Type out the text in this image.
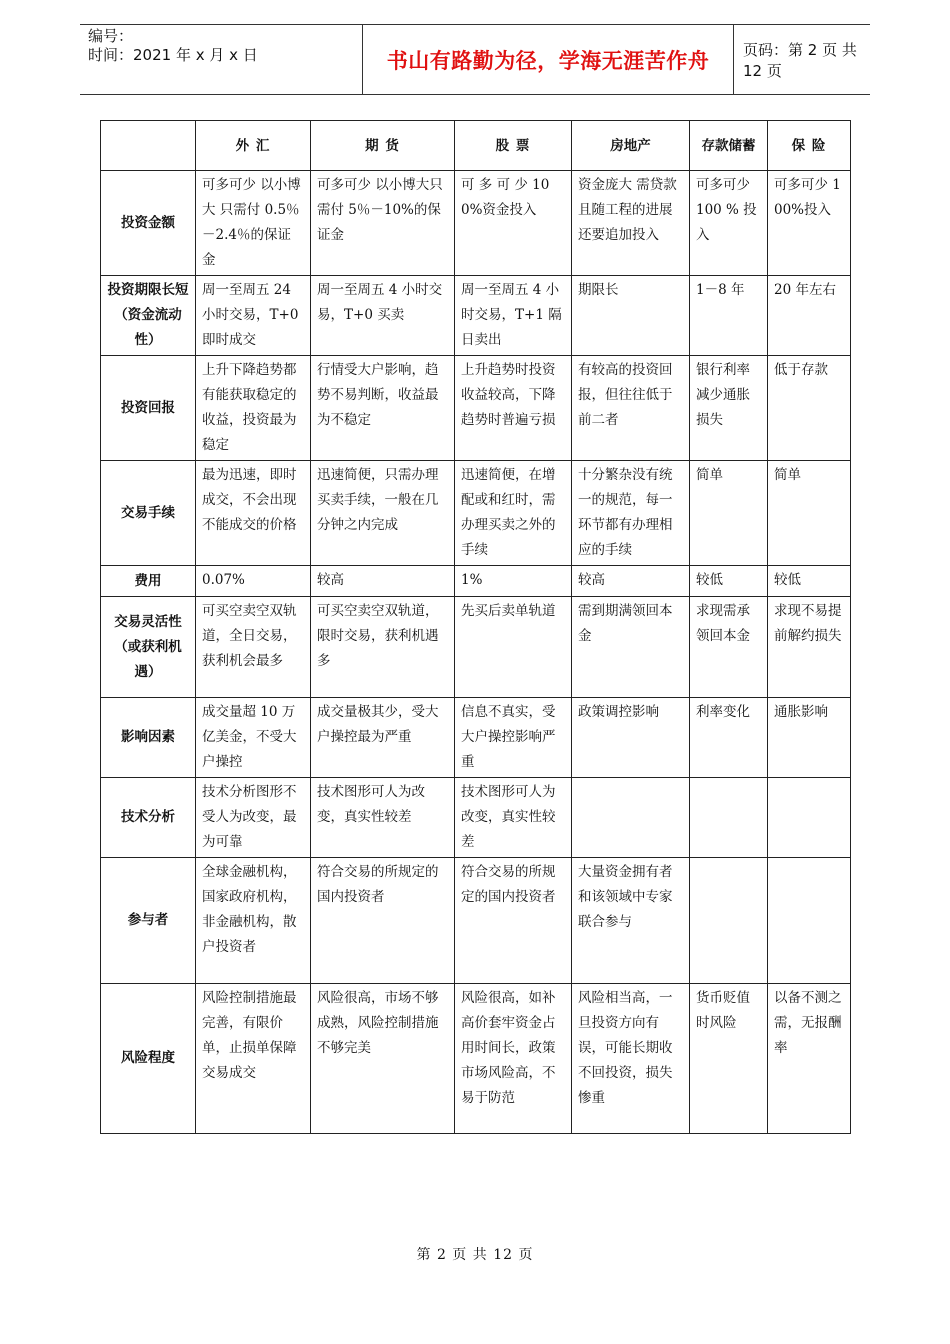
编号：
时间：2021 年 x 月 x 日	书山有路勤为径，学海无涯苦作舟	页码：第 2 页 共 12 页
	外 汇	期 货	股 票	房地产	存款储蓄	保 险
投资金额	可多可少 以小博大 只需付 0.5％－2.4％的保证金	可多可少 以小博大只需付 5％－10%的保证金	可 多 可 少 100%资金投入	资金庞大 需贷款且随工程的进展还要追加投入	可多可少 100 % 投入	可多可少 100%投入
投资期限长短（资金流动性）	周一至周五 24 小时交易，T+0 即时成交	周一至周五 4 小时交易，T+0 买卖	周一至周五 4 小时交易，T+1 隔日卖出	期限长	1－8 年	20 年左右
投资回报	上升下降趋势都有能获取稳定的收益，投资最为稳定	行情受大户影响，趋势不易判断，收益最为不稳定	上升趋势时投资收益较高，下降趋势时普遍亏损	有较高的投资回报，但往往低于前二者	银行利率减少通胀损失	低于存款
交易手续	最为迅速，即时成交，不会出现不能成交的价格	迅速简便，只需办理买卖手续，一般在几分钟之内完成	迅速简便，在增配或和红时，需办理买卖之外的手续	十分繁杂没有统一的规范，每一环节都有办理相应的手续	简单	简单
费用	0.07%	较高	1%	较高	较低	较低
交易灵活性（或获利机遇）	可买空卖空双轨道，全日交易，获利机会最多	可买空卖空双轨道，限时交易，获利机遇多	先买后卖单轨道	需到期满领回本金	求现需承领回本金	求现不易提前解约损失
影响因素	成交量超 10 万亿美金，不受大户操控	成交量极其少，受大户操控最为严重	信息不真实，受大户操控影响严重	政策调控影响	利率变化	通胀影响
技术分析	技术分析图形不受人为改变，最为可靠	技术图形可人为改变，真实性较差	技术图形可人为改变，真实性较差			
参与者	全球金融机构，国家政府机构，非金融机构，散户投资者	符合交易的所规定的国内投资者	符合交易的所规定的国内投资者	大量资金拥有者和该领域中专家联合参与		
风险程度	风险控制措施最完善，有限价单，止损单保障交易成交	风险很高，市场不够成熟，风险控制措施不够完美	风险很高，如补高价套牢资金占用时间长，政策市场风险高，不易于防范	风险相当高，一旦投资方向有误，可能长期收不回投资，损失惨重	货币贬值时风险	以备不测之需，无报酬率
第 2 页 共 12 页
